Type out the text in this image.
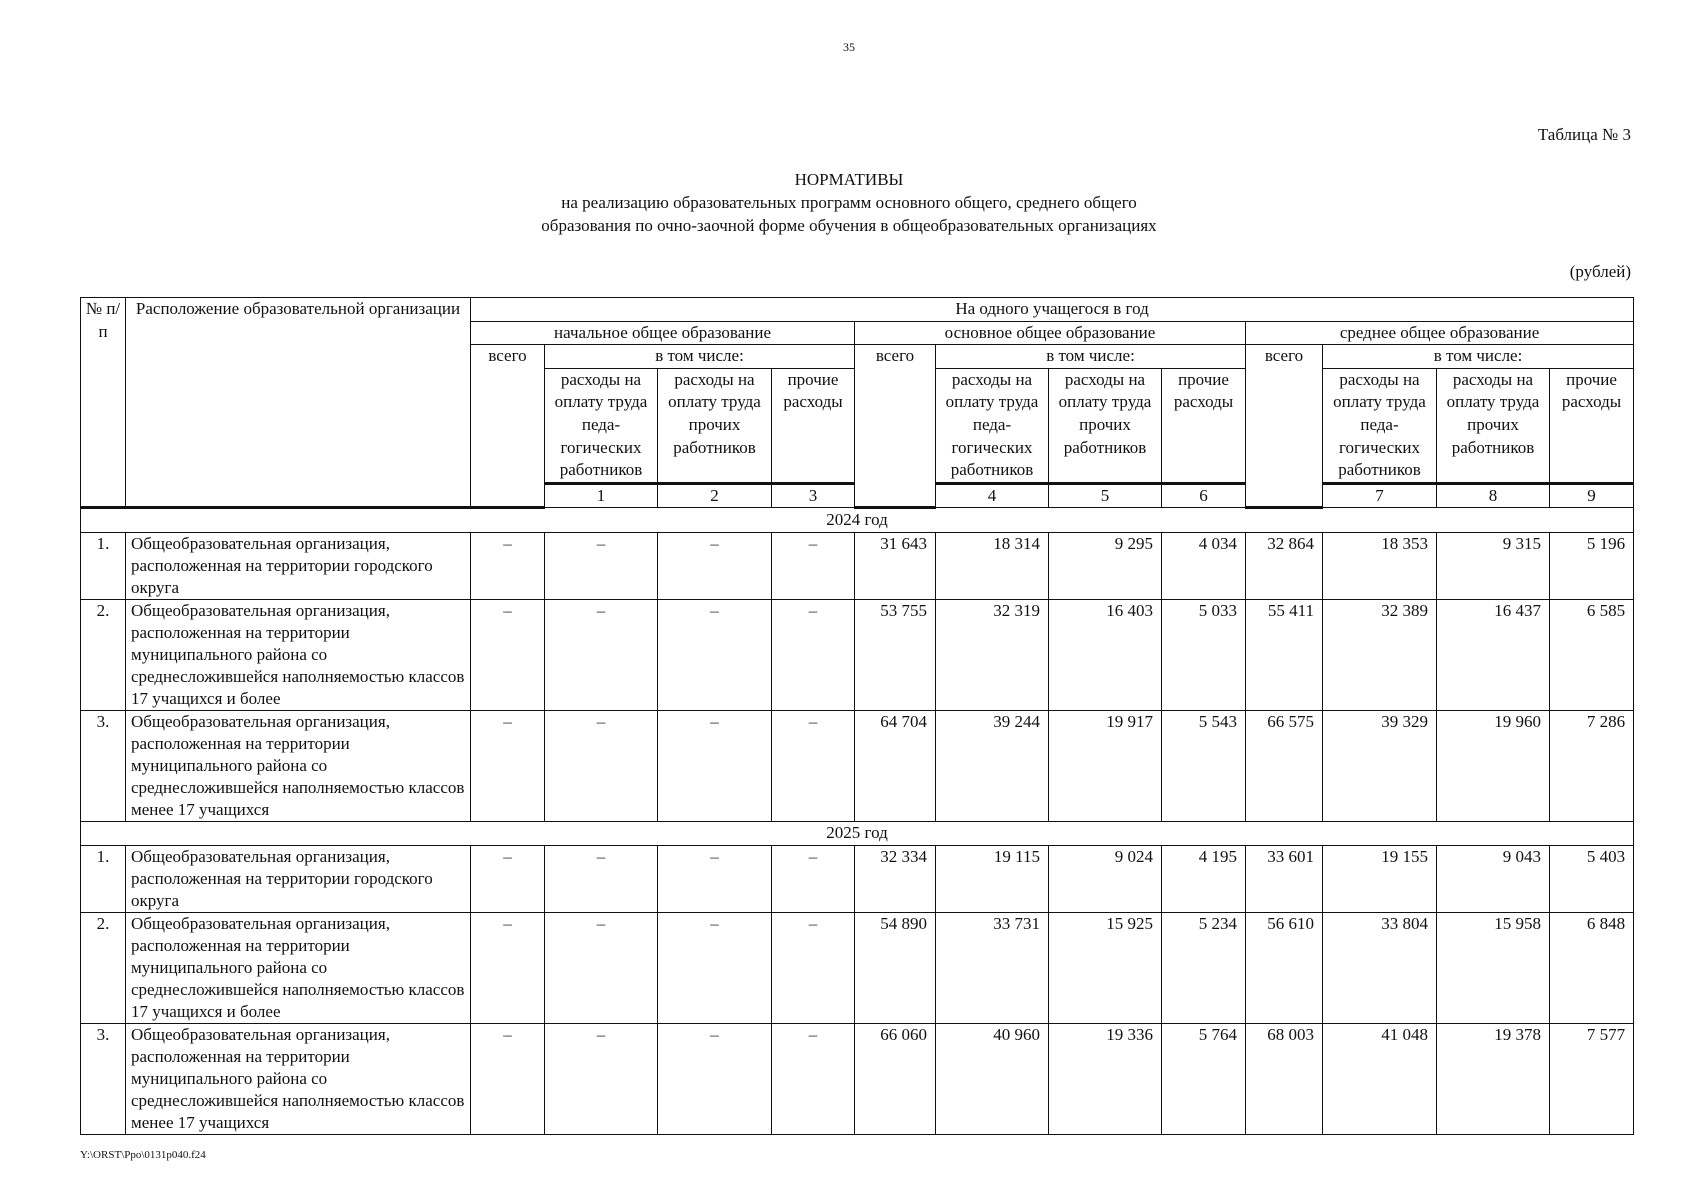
35
Таблица № 3
НОРМАТИВЫ
на реализацию образовательных программ основного общего, среднего общего
образования по очно-заочной форме обучения в общеобразовательных организациях
(рублей)
№ п/п	Расположение образовательной организации	На одного учащегося в год												
		начальное общее образование				основное общее образование				среднее общее образование				
		всего	в том числе:			всего	в том числе:			всего	в том числе:			
			расходы на оплату труда педа-гогических работников	расходы на оплату труда прочих работников	прочие расходы		расходы на оплату труда педа-гогических работников	расходы на оплату труда прочих работников	прочие расходы		расходы на оплату труда педа-гогических работников	расходы на оплату труда прочих работников	прочие расходы	
			1	2	3		4	5	6		7	8	9					
2024 год														
1.	Общеобразовательная организация, расположенная на территории городского округа	–	–	–	–	31 643	18 314	9 295	4 034	32 864	18 353	9 315	5 196	
2.	Общеобразовательная организация, расположенная на территории муниципального района со среднесложившейся наполняемостью классов 17 учащихся и более	–	–	–	–	53 755	32 319	16 403	5 033	55 411	32 389	16 437	6 585	
3.	Общеобразовательная организация, расположенная на территории муниципального района со среднесложившейся наполняемостью классов менее 17 учащихся	–	–	–	–	64 704	39 244	19 917	5 543	66 575	39 329	19 960	7 286	
2025 год														
1.	Общеобразовательная организация, расположенная на территории городского округа	–	–	–	–	32 334	19 115	9 024	4 195	33 601	19 155	9 043	5 403	
2.	Общеобразовательная организация, расположенная на территории муниципального района со среднесложившейся наполняемостью классов 17 учащихся и более	–	–	–	–	54 890	33 731	15 925	5 234	56 610	33 804	15 958	6 848	
3.	Общеобразовательная организация, расположенная на территории муниципального района со среднесложившейся наполняемостью классов менее 17 учащихся	–	–	–	–	66 060	40 960	19 336	5 764	68 003	41 048	19 378	7 577	
Y:\ORST\Ppo\0131p040.f24
